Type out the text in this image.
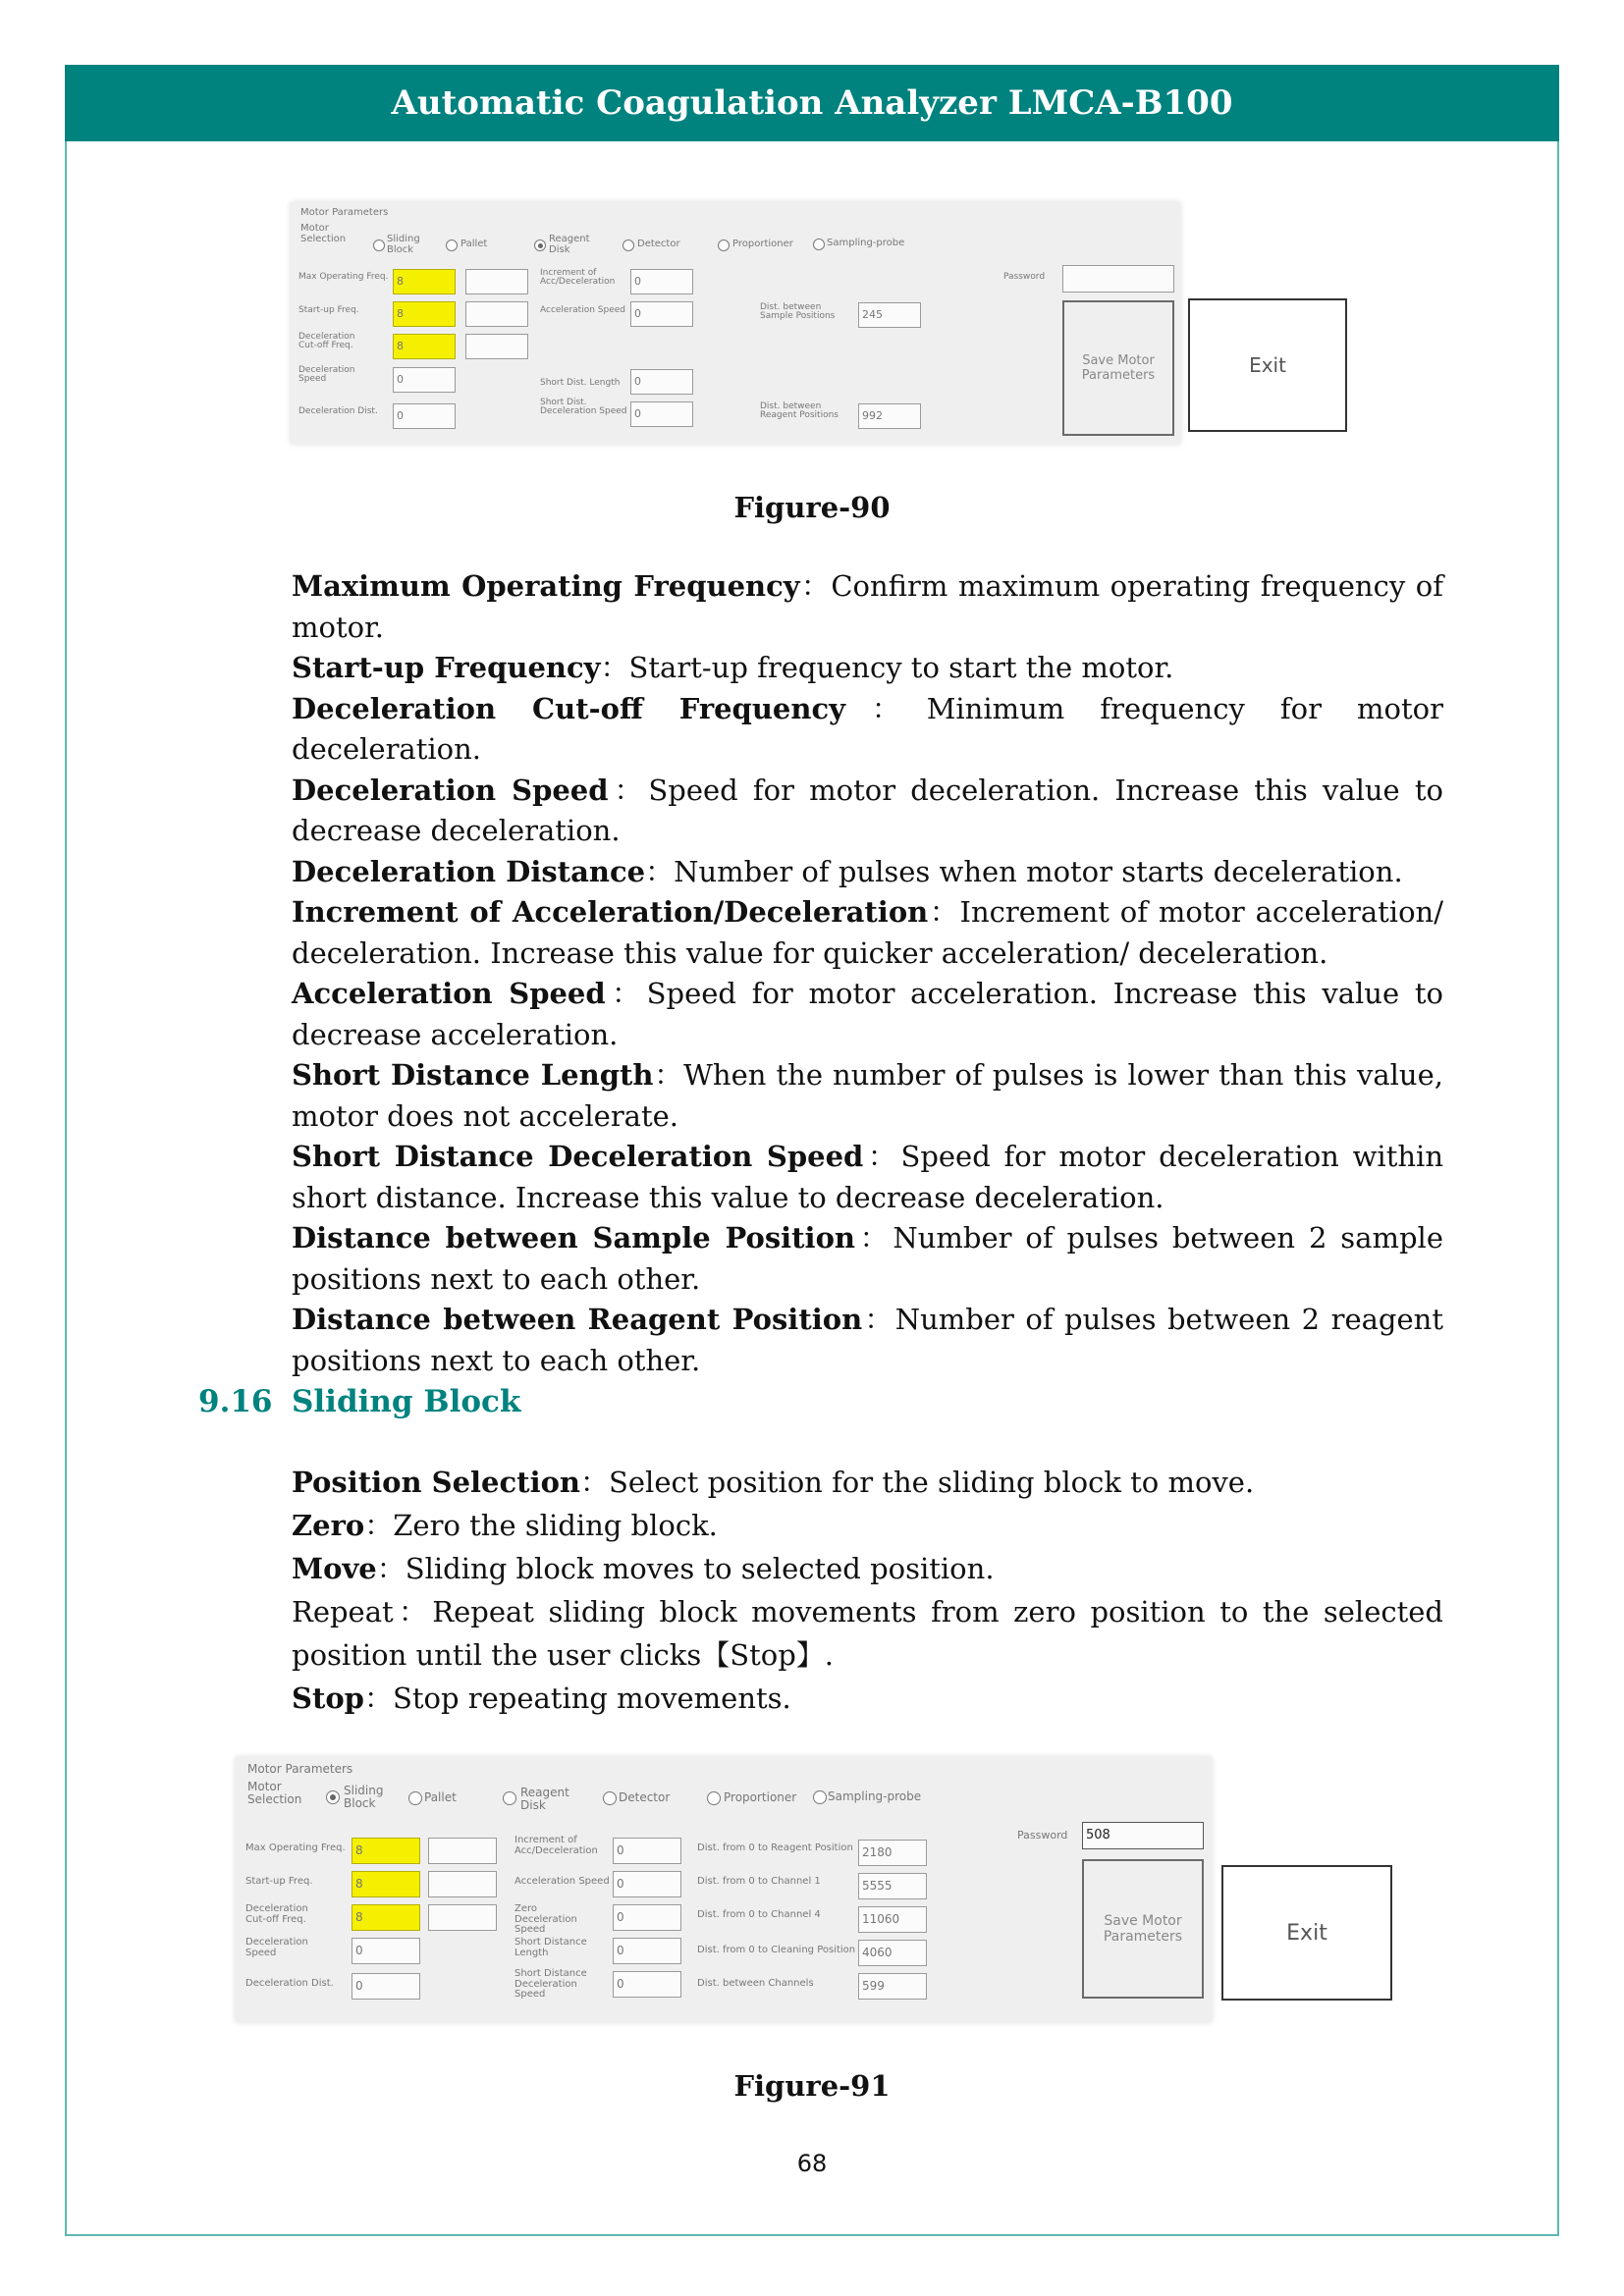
Automatic Coagulation Analyzer LMCA-B100
Motor Parameters
Motor Selection	Sliding Block	Pallet	Reagent Disk	Detector	Proportioner	Sampling-probe
Max Operating Freq. 8
Start-up Freq.	8
Deceleration Cut-off Freq.	8
Deceleration Speed	0
Deceleration Dist.	0
Increment of Acc/Deceleration	0
Acceleration Speed 0
Short Dist. Length	0
Short Dist. Deceleration Speed 0
Dist. between Sample Positions	245
Dist. between Reagent Positions	992
Password
Save Motor Parameters	Exit
Figure-90

Maximum Operating Frequency：Confirm maximum operating frequency of motor.

Start-up Frequency：Start-up frequency to start the motor.

Deceleration Cut-off Frequency：Minimum frequency for motor deceleration.

Deceleration Speed：Speed for motor deceleration. Increase this value to decrease deceleration.

Deceleration Distance：Number of pulses when motor starts deceleration.

Increment of Acceleration/Deceleration：Increment of motor acceleration/ deceleration. Increase this value for quicker acceleration/ deceleration.

Acceleration Speed：Speed for motor acceleration. Increase this value to decrease acceleration.

Short Distance Length：When the number of pulses is lower than this value, motor does not accelerate.

Short Distance Deceleration Speed：Speed for motor deceleration within short distance. Increase this value to decrease deceleration.

Distance between Sample Position：Number of pulses between 2 sample positions next to each other.

Distance between Reagent Position：Number of pulses between 2 reagent positions next to each other.

9.16 Sliding Block

Position Selection：Select position for the sliding block to move.

Zero：Zero the sliding block.

Move：Sliding block moves to selected position.

Repeat：Repeat sliding block movements from zero position to the selected position until the user clicks【Stop】.

Stop：Stop repeating movements.

Motor Parameters
Motor Selection
Sliding Block	Pallet	Reagent Disk
Detector	Proportioner	Sampling-probe
Max Operating Freq. 8
Start-up Freq.	8
Deceleration Cut-off Freq.	8
Deceleration Speed	0
Deceleration Dist.	0
Increment of Acc/Deceleration	0
Acceleration Speed 0
Zero Deceleration Speed
0
Short Distance Length	0
Short Distance Deceleration Speed
0
Dist. from 0 to Reagent Position 2180
Dist. from 0 to Channel 1	5555
Dist. from 0 to Channel 4	11060
Dist. from 0 to Cleaning Position 4060
Dist. between Channels	599
Password	508
Save Motor Parameters	Exit
Figure-91
68
